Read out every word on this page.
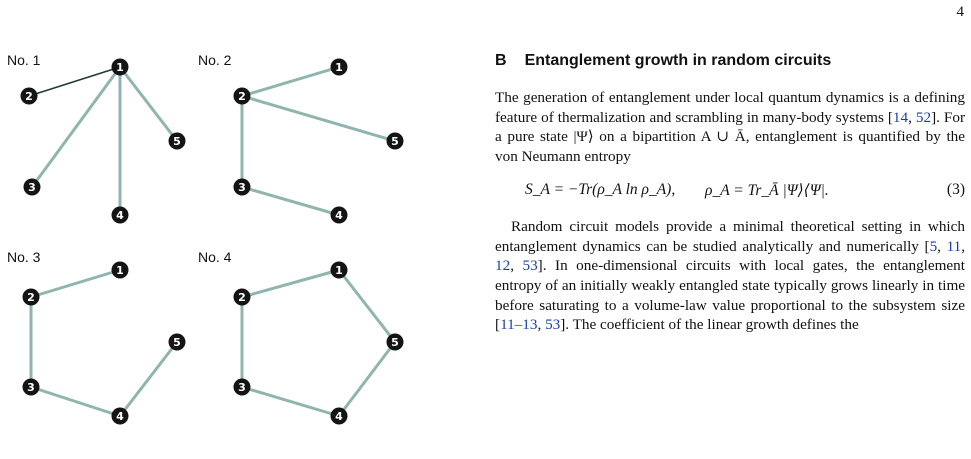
4
No. 1	1
2
3
4
5
No. 2	1
2
3
4
5
No. 3
1
2
3
4
5
No. 4
1
2
3
4
5
B Entanglement growth in random circuits

The generation of entanglement under local quantum dynamics is a defining feature of thermalization and scrambling in many-body systems [14, 52]. For a pure state |Ψ⟩ on a bipartition A ∪ Ā, entanglement is quantified by the von Neumann entropy

S_A = −Tr(ρ_A ln ρ_A), ρ_A = Tr_Ā |Ψ⟩⟨Ψ|.	(3)

Random circuit models provide a minimal theoretical setting in which entanglement dynamics can be studied analytically and numerically [5, 11, 12, 53]. In one-dimensional circuits with local gates, the entanglement entropy of an initially weakly entangled state typically grows linearly in time before saturating to a volume-law value proportional to the subsystem size [11–13, 53]. The coefficient of the linear growth defines the
